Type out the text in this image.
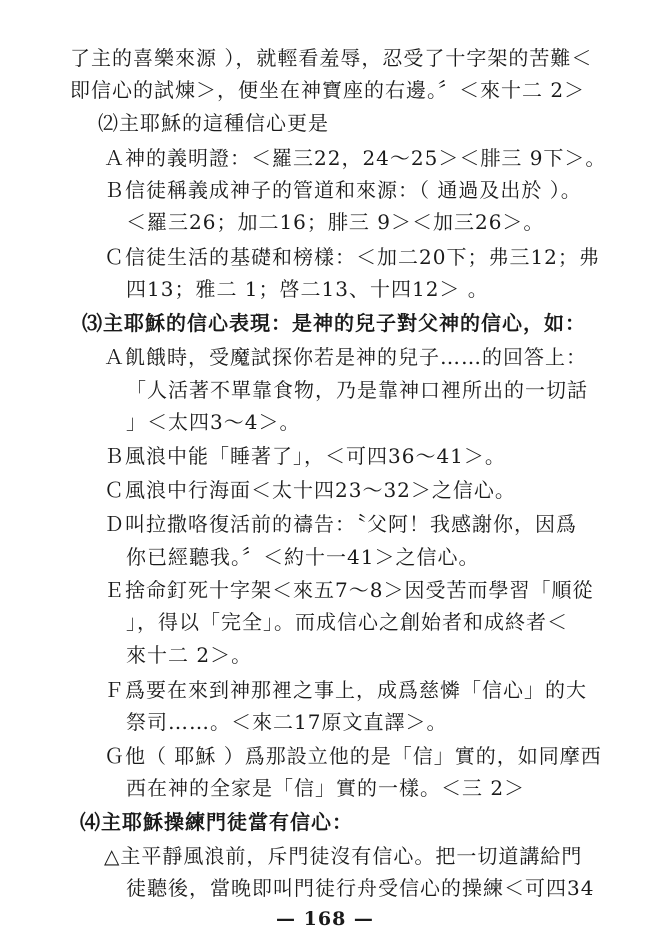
了主的喜樂來源 ），就輕看羞辱，忍受了十字架的苦難＜
即信心的試煉＞，便坐在神寶座的右邊。〞＜來十二 2＞
⑵主耶穌的這種信心更是
Ａ神的義明證：＜羅三22，24～25＞＜腓三 9下＞。
Ｂ信徒稱義成神子的管道和來源：（ 通過及出於 ）。
＜羅三26；加二16；腓三 9＞＜加三26＞。
Ｃ信徒生活的基礎和榜樣：＜加二20下；弗三12；弗
四13；雅二 1；啓二13、十四12＞ 。
⑶主耶穌的信心表現：是神的兒子對父神的信心，如：
Ａ飢餓時，受魔試探你若是神的兒子……的回答上：
「人活著不單靠食物，乃是靠神口裡所出的一切話
」＜太四3～4＞。
Ｂ風浪中能「睡著了」，＜可四36～41＞。
Ｃ風浪中行海面＜太十四23～32＞之信心。
Ｄ叫拉撒咯復活前的禱告：〝父阿！我感謝你，因爲
你已經聽我。〞＜約十一41＞之信心。
Ｅ捨命釘死十字架＜來五7～8＞因受苦而學習「順從
」，得以「完全」。而成信心之創始者和成終者＜
來十二 2＞。
Ｆ爲要在來到神那裡之事上，成爲慈憐「信心」的大
祭司……。＜來二17原文直譯＞。
Ｇ他（ 耶穌 ）爲那設立他的是「信」實的，如同摩西
西在神的全家是「信」實的一樣。＜三 2＞
⑷主耶穌操練門徒當有信心：
△主平靜風浪前，斥門徒沒有信心。把一切道講給門
徒聽後，當晚即叫門徒行舟受信心的操練＜可四34
— 168 —
